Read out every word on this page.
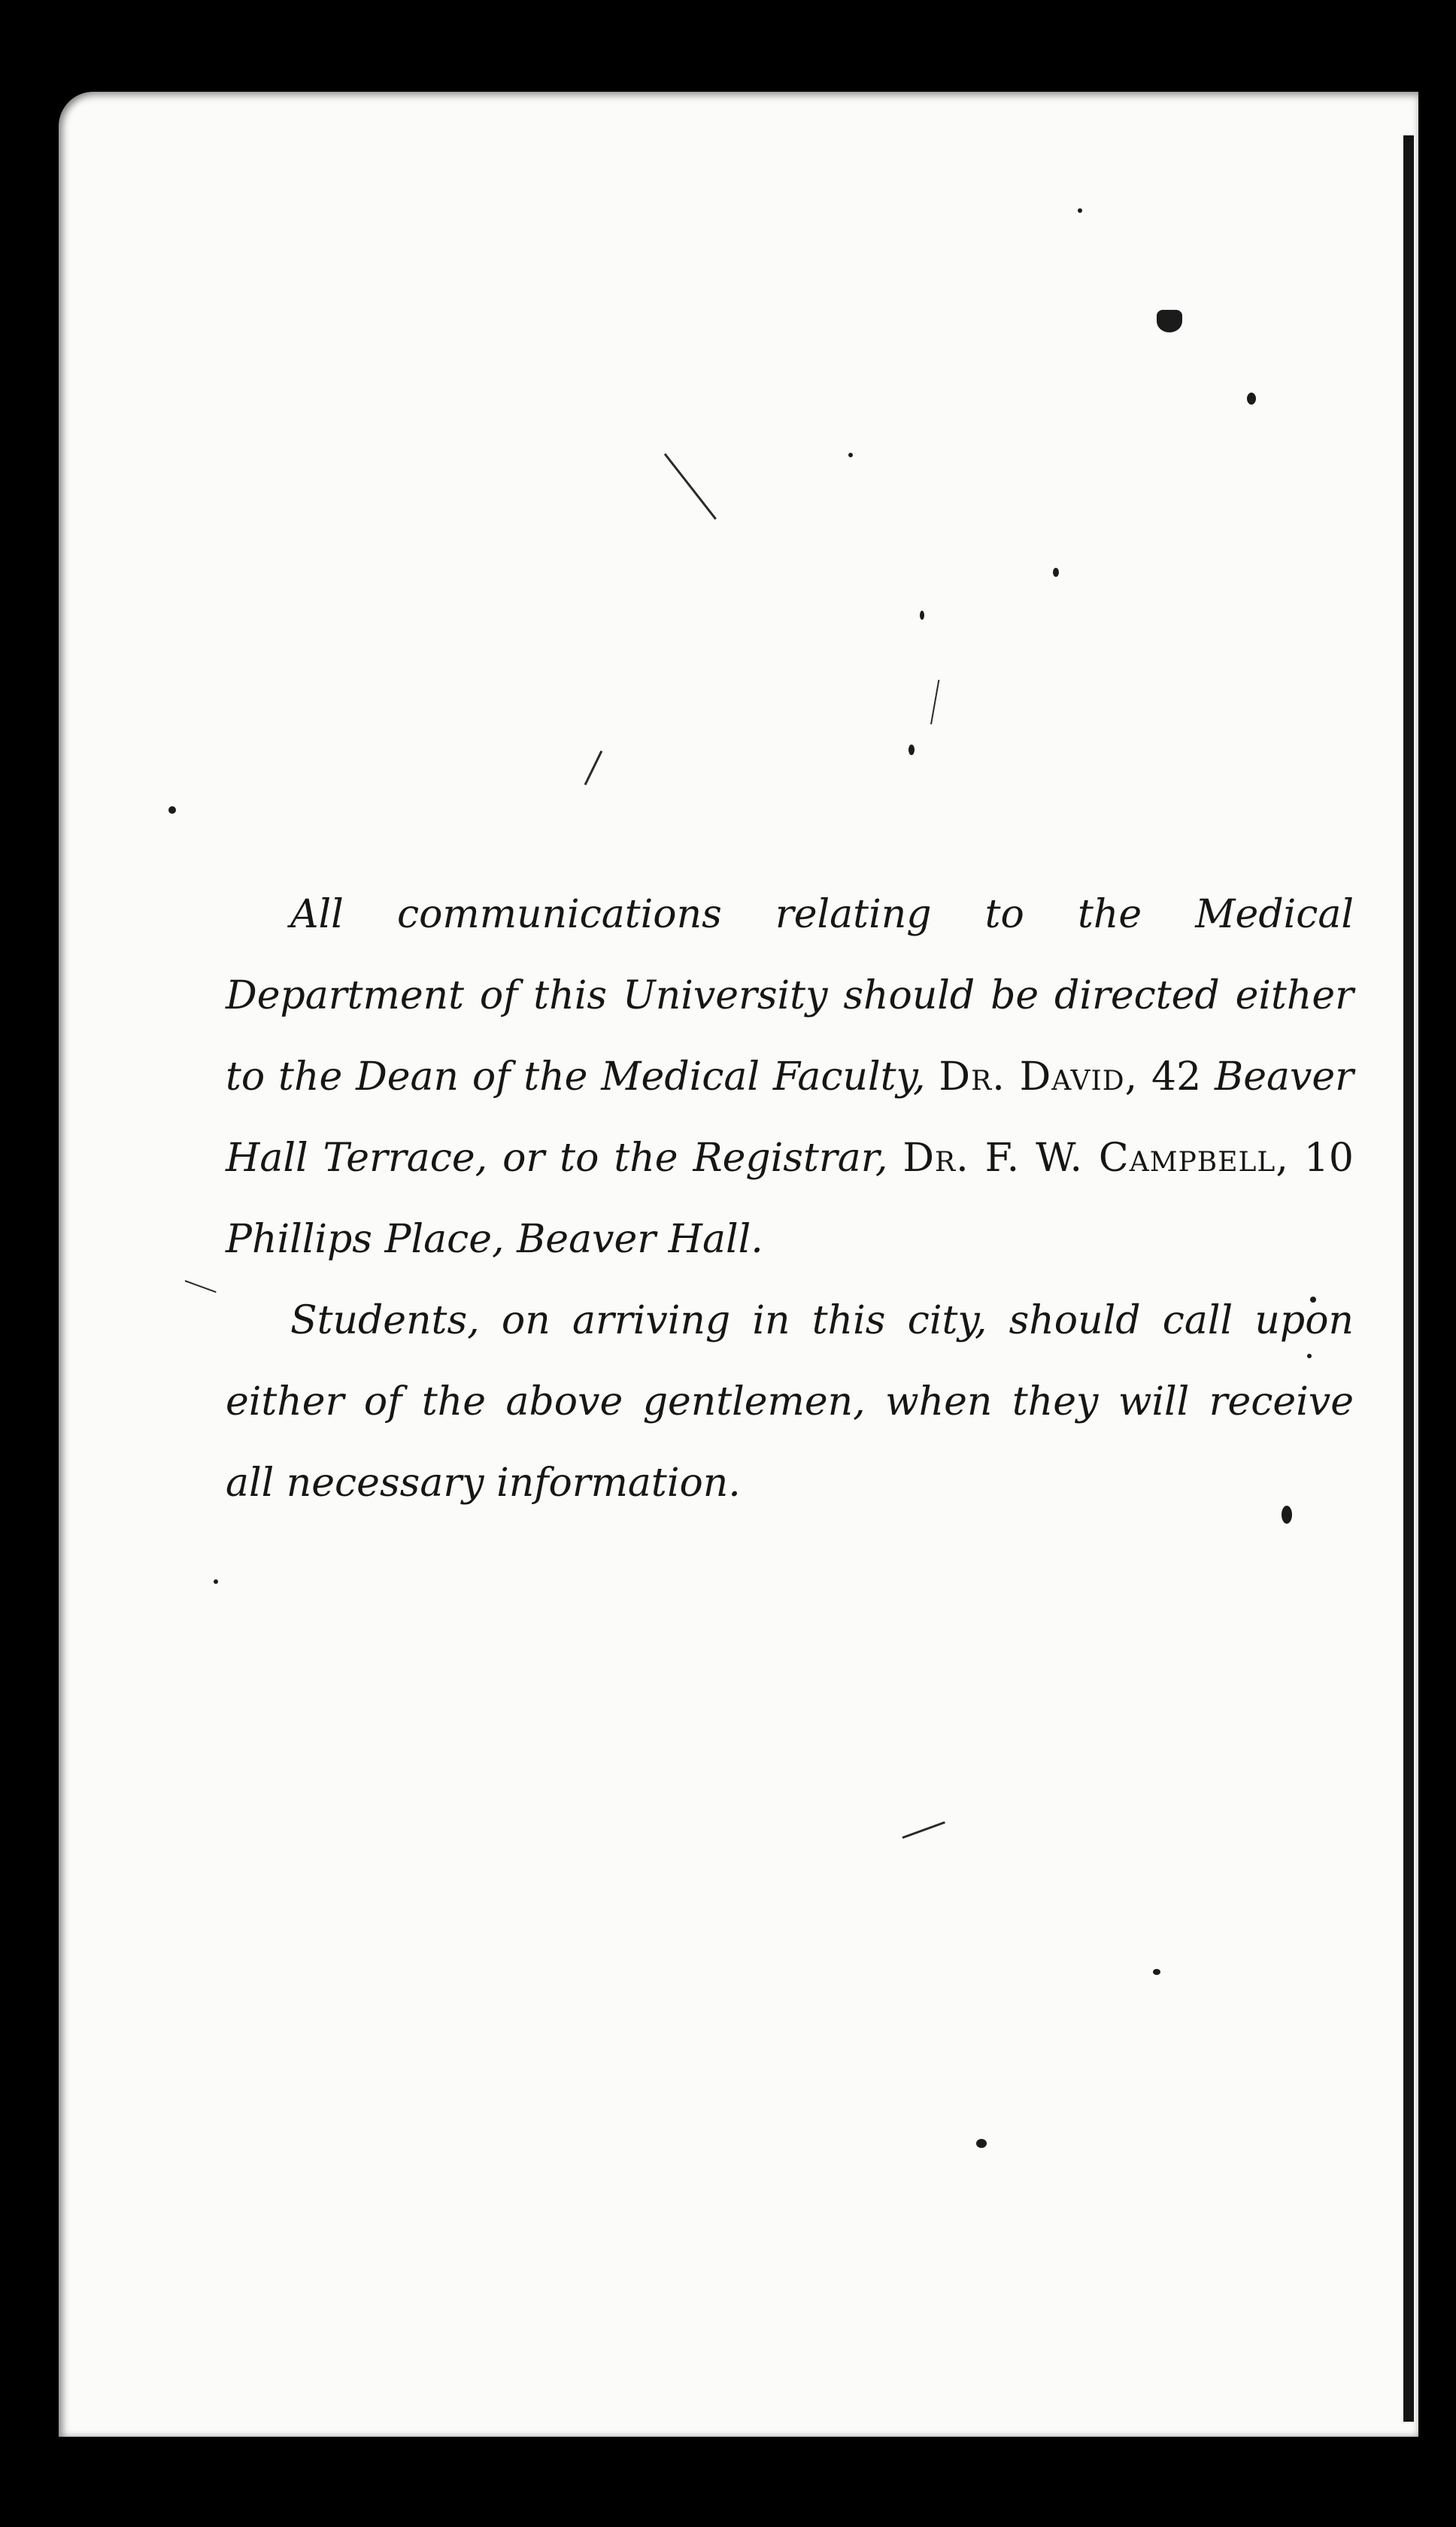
All communications relating to the Medical Department of this University should be directed either to the Dean of the Medical Faculty, Dr. David, 42 Beaver Hall Terrace, or to the Registrar, Dr. F. W. Campbell, 10 Phillips Place, Beaver Hall.

Students, on arriving in this city, should call upon either of the above gentlemen, when they will receive all necessary information.
